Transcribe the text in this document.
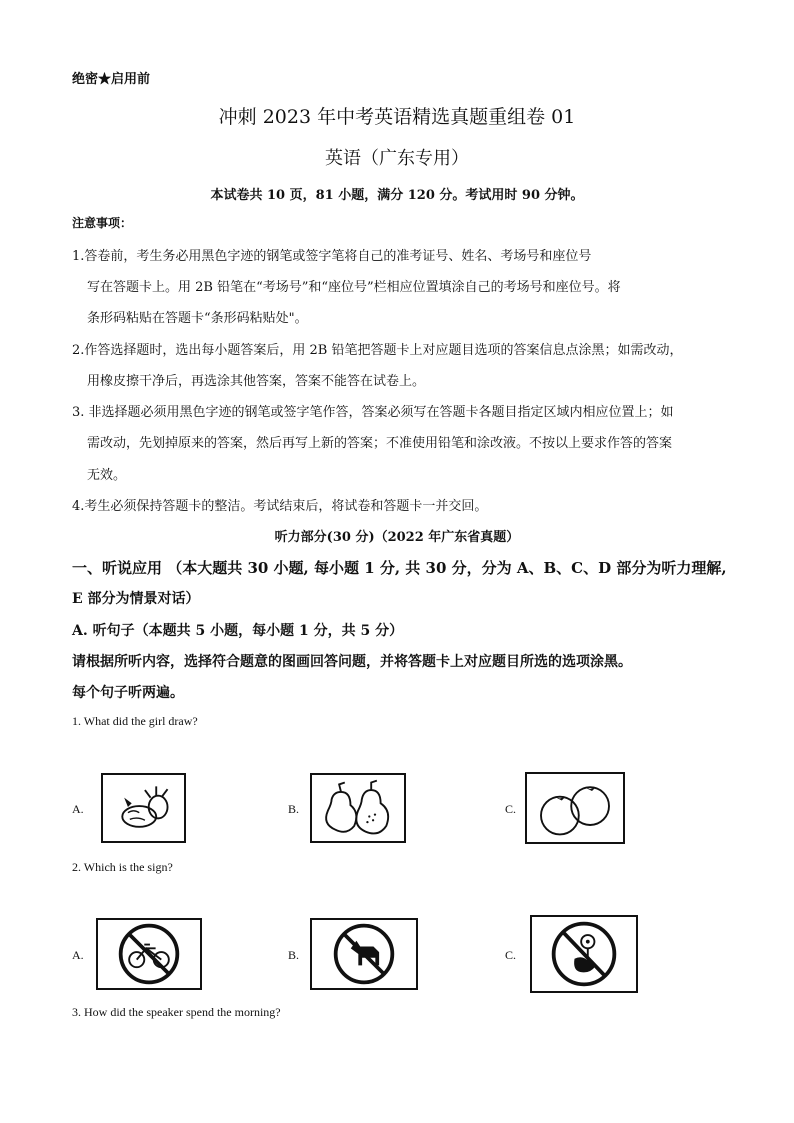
绝密★启用前
冲刺 2023 年中考英语精选真题重组卷 01
英语（广东专用）
本试卷共 10 页，81 小题，满分 120 分。考试用时 90 分钟。
注意事项：
1.答卷前，考生务必用黑色字迹的钢笔或签字笔将自己的准考证号、姓名、考场号和座位号
写在答题卡上。用 2B 铅笔在“考场号”和“座位号”栏相应位置填涂自己的考场号和座位号。将
条形码粘贴在答题卡“条形码粘贴处"。
2.作答选择题时，选出每小题答案后，用 2B 铅笔把答题卡上对应题目选项的答案信息点涂黑；如需改动，
用橡皮擦干净后，再选涂其他答案，答案不能答在试卷上。
3. 非选择题必须用黑色字迹的钢笔或签字笔作答，答案必须写在答题卡各题目指定区域内相应位置上；如
需改动，先划掉原来的答案，然后再写上新的答案；不准使用铅笔和涂改液。不按以上要求作答的答案
无效。
4.考生必须保持答题卡的整洁。考试结束后，将试卷和答题卡一并交回。
听力部分(30 分)（2022 年广东省真题）
一、听说应用 （本大题共 30 小题, 每小题 1 分, 共 30 分，分为 A、B、C、D 部分为听力理解,
E 部分为情景对话）
A. 听句子（本题共 5 小题，每小题 1 分，共 5 分）
请根据所听内容，选择符合题意的图画回答问题，并将答题卡上对应题目所选的选项涂黑。
每个句子听两遍。
1. What did the girl draw?
A.	B.	C.
2. Which is the sign?
A.	B.	C.
3. How did the speaker spend the morning?
